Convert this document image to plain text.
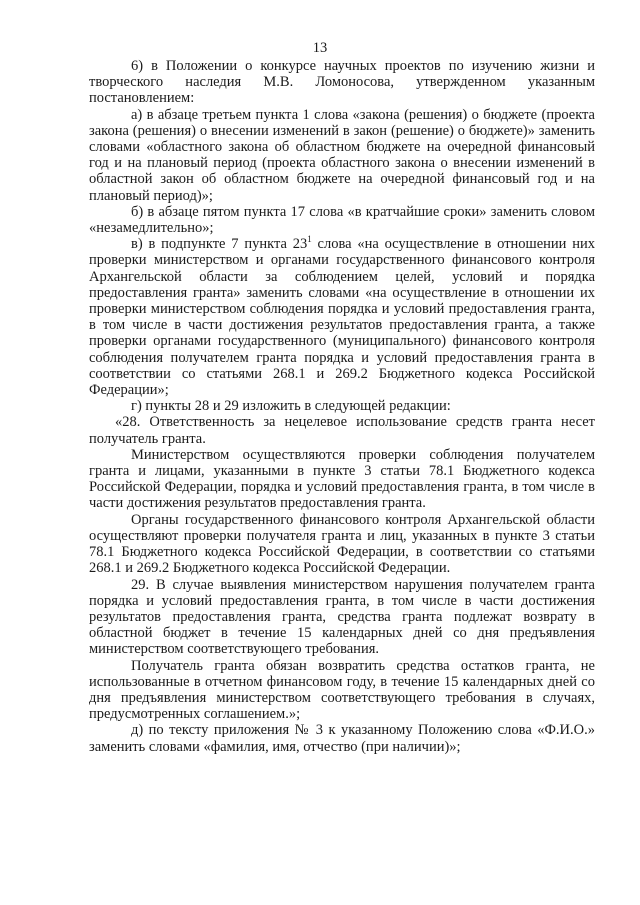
13

6) в Положении о конкурсе научных проектов по изучению жизни и творческого наследия М.В. Ломоносова, утвержденном указанным постановлением:

а) в абзаце третьем пункта 1 слова «закона (решения) о бюджете (проекта закона (решения) о внесении изменений в закон (решение) о бюджете)» заменить словами «областного закона об областном бюджете на очередной финансовый год и на плановый период (проекта областного закона о внесении изменений в областной закон об областном бюджете на очередной финансовый год и на плановый период)»;

б) в абзаце пятом пункта 17 слова «в кратчайшие сроки» заменить словом «незамедлительно»;

в) в подпункте 7 пункта $23^1$ слова «на осуществление в отношении них проверки министерством и органами государственного финансового контроля Архангельской области за соблюдением целей, условий и порядка предоставления гранта» заменить словами «на осуществление в отношении их проверки министерством соблюдения порядка и условий предоставления гранта, в том числе в части достижения результатов предоставления гранта, а также проверки органами государственного (муниципального) финансового контроля соблюдения получателем гранта порядка и условий предоставления гранта в соответствии со статьями 268.1 и 269.2 Бюджетного кодекса Российской Федерации»;

г) пункты 28 и 29 изложить в следующей редакции:

«28. Ответственность за нецелевое использование средств гранта несет получатель гранта.

Министерством осуществляются проверки соблюдения получателем гранта и лицами, указанными в пункте 3 статьи 78.1 Бюджетного кодекса Российской Федерации, порядка и условий предоставления гранта, в том числе в части достижения результатов предоставления гранта.

Органы государственного финансового контроля Архангельской области осуществляют проверки получателя гранта и лиц, указанных в пункте 3 статьи 78.1 Бюджетного кодекса Российской Федерации, в соответствии со статьями 268.1 и 269.2 Бюджетного кодекса Российской Федерации.

29. В случае выявления министерством нарушения получателем гранта порядка и условий предоставления гранта, в том числе в части достижения результатов предоставления гранта, средства гранта подлежат возврату в областной бюджет в течение 15 календарных дней со дня предъявления министерством соответствующего требования.

Получатель гранта обязан возвратить средства остатков гранта, не использованные в отчетном финансовом году, в течение 15 календарных дней со дня предъявления министерством соответствующего требования в случаях, предусмотренных соглашением.»;

д) по тексту приложения № 3 к указанному Положению слова «Ф.И.О.» заменить словами «фамилия, имя, отчество (при наличии)»;
